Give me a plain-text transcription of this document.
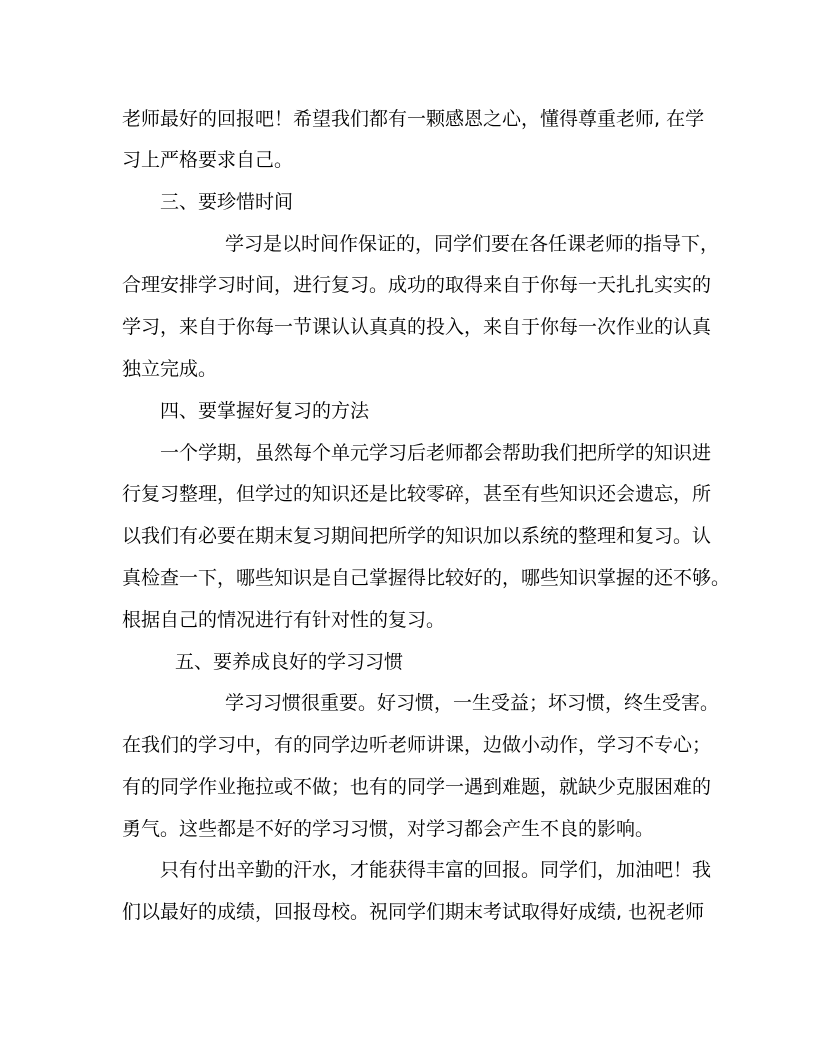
老师最好的回报吧！希望我们都有一颗感恩之心，懂得尊重老师, 在学
习上严格要求自己。
三、要珍惜时间
学习是以时间作保证的，同学们要在各任课老师的指导下，
合理安排学习时间，进行复习。成功的取得来自于你每一天扎扎实实的
学习，来自于你每一节课认认真真的投入，来自于你每一次作业的认真
独立完成。
四、要掌握好复习的方法
一个学期，虽然每个单元学习后老师都会帮助我们把所学的知识进
行复习整理，但学过的知识还是比较零碎，甚至有些知识还会遗忘，所
以我们有必要在期末复习期间把所学的知识加以系统的整理和复习。认
真检查一下，哪些知识是自己掌握得比较好的，哪些知识掌握的还不够。
根据自己的情况进行有针对性的复习。
五、要养成良好的学习习惯
学习习惯很重要。好习惯，一生受益；坏习惯，终生受害。
在我们的学习中，有的同学边听老师讲课，边做小动作，学习不专心；
有的同学作业拖拉或不做；也有的同学一遇到难题，就缺少克服困难的
勇气。这些都是不好的学习习惯，对学习都会产生不良的影响。
只有付出辛勤的汗水，才能获得丰富的回报。同学们，加油吧！我
们以最好的成绩，回报母校。祝同学们期末考试取得好成绩, 也祝老师
